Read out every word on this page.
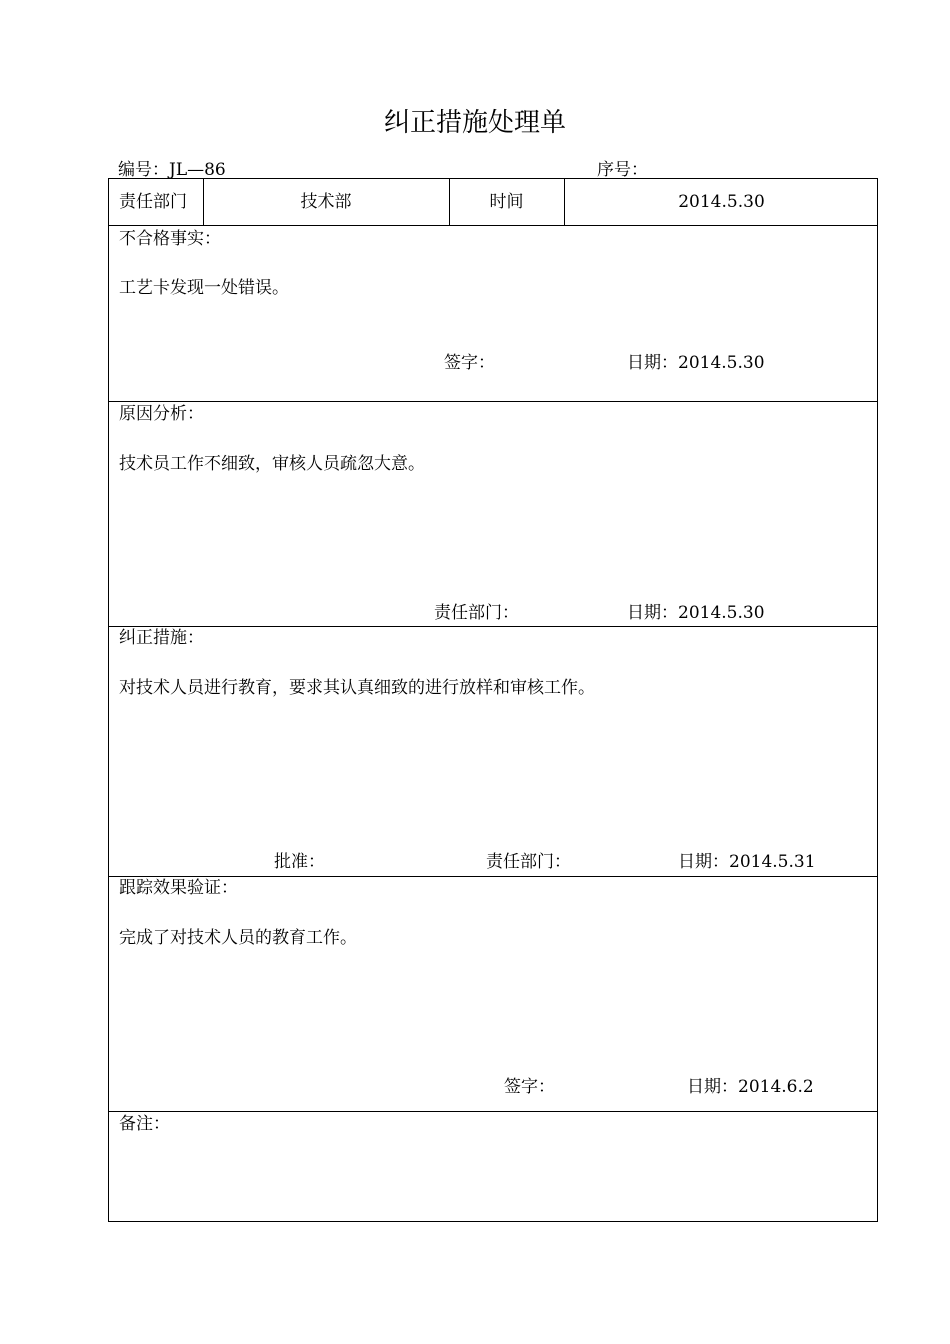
纠正措施处理单
编号：JL—86	序号：
责任部门	技术部	时间	2014.5.30
不合格事实：
工艺卡发现一处错误。
签字：	日期：2014.5.30
原因分析：
技术员工作不细致，审核人员疏忽大意。
责任部门：	日期：2014.5.30
纠正措施：
对技术人员进行教育，要求其认真细致的进行放样和审核工作。
批准：	责任部门：	日期：2014.5.31
跟踪效果验证：
完成了对技术人员的教育工作。
签字：	日期：2014.6.2
备注：
